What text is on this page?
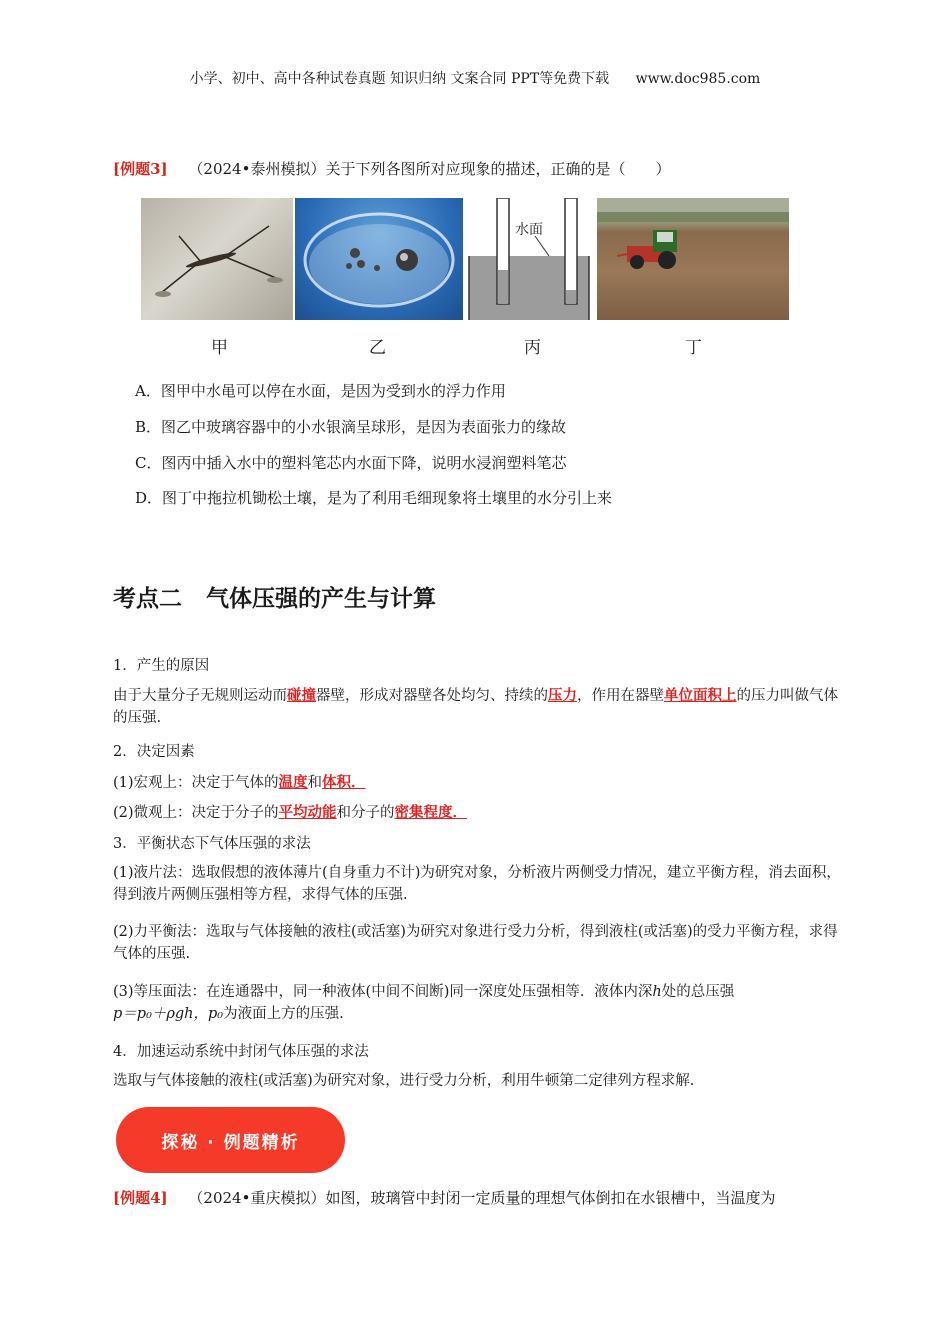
小学、初中、高中各种试卷真题 知识归纳 文案合同 PPT等免费下载 www.doc985.com
[例题3] （2024•泰州模拟）关于下列各图所对应现象的描述，正确的是（　　）
水面
甲	乙	丙	丁
A．图甲中水黾可以停在水面，是因为受到水的浮力作用
B．图乙中玻璃容器中的小水银滴呈球形，是因为表面张力的缘故
C．图丙中插入水中的塑料笔芯内水面下降，说明水浸润塑料笔芯
D．图丁中拖拉机锄松土壤，是为了利用毛细现象将土壤里的水分引上来
考点二 气体压强的产生与计算
1．产生的原因
由于大量分子无规则运动而碰撞器壁，形成对器壁各处均匀、持续的压力，作用在器壁单位面积上的压力叫做气体的压强.
2．决定因素
(1)宏观上：决定于气体的温度和体积．
(2)微观上：决定于分子的平均动能和分子的密集程度．
3．平衡状态下气体压强的求法
(1)液片法：选取假想的液体薄片(自身重力不计)为研究对象，分析液片两侧受力情况，建立平衡方程，消去面积，得到液片两侧压强相等方程，求得气体的压强.
(2)力平衡法：选取与气体接触的液柱(或活塞)为研究对象进行受力分析，得到液柱(或活塞)的受力平衡方程，求得气体的压强.
(3)等压面法：在连通器中，同一种液体(中间不间断)同一深度处压强相等．液体内深h处的总压强
p＝p₀＋ρgh，p₀为液面上方的压强.
4．加速运动系统中封闭气体压强的求法
选取与气体接触的液柱(或活塞)为研究对象，进行受力分析，利用牛顿第二定律列方程求解.
探秘 · 例题精析
[例题4] （2024•重庆模拟）如图，玻璃管中封闭一定质量的理想气体倒扣在水银槽中，当温度为
